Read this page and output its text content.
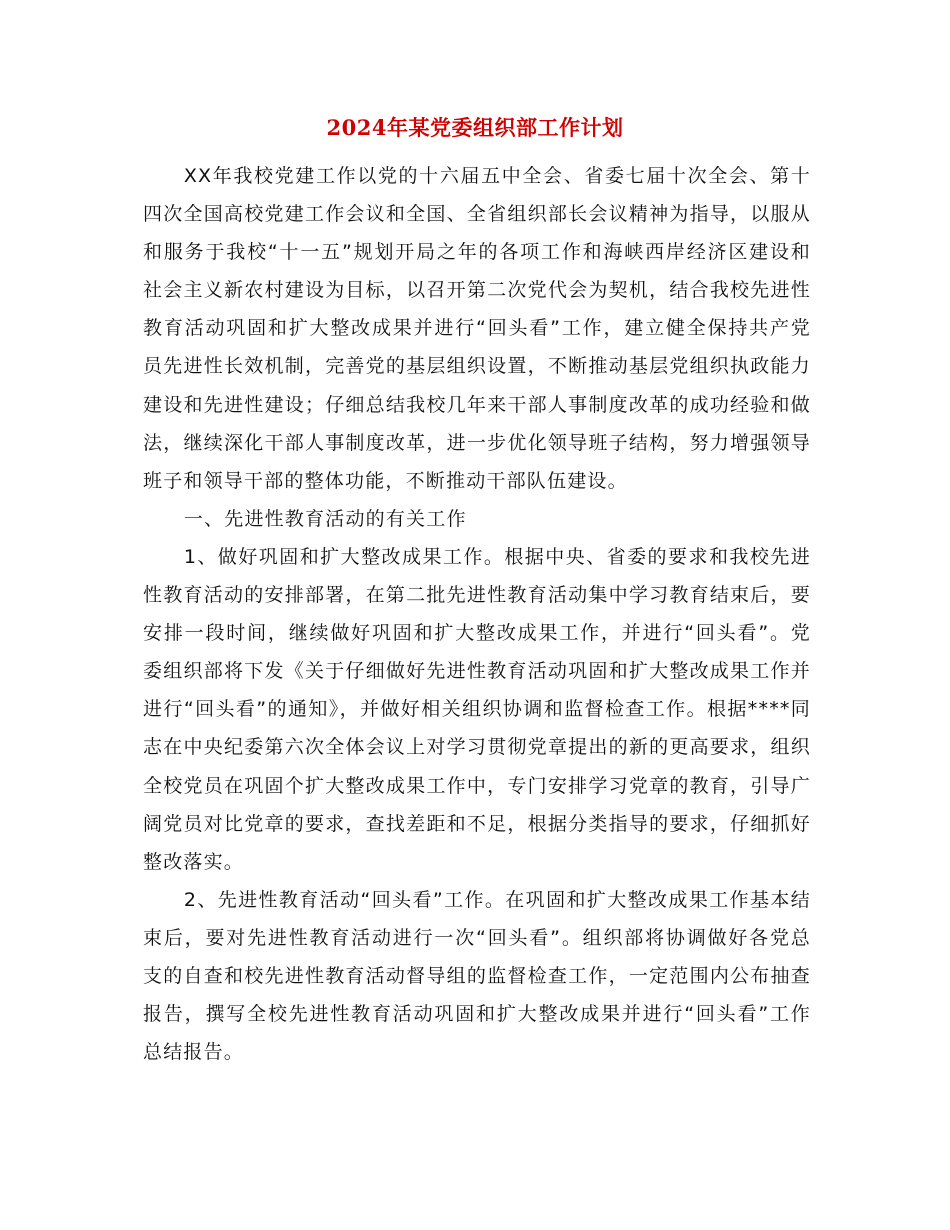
2024年某党委组织部工作计划

XX年我校党建工作以党的十六届五中全会、省委七届十次全会、第十四次全国高校党建工作会议和全国、全省组织部长会议精神为指导，以服从和服务于我校“十一五”规划开局之年的各项工作和海峡西岸经济区建设和社会主义新农村建设为目标，以召开第二次党代会为契机，结合我校先进性教育活动巩固和扩大整改成果并进行“回头看”工作，建立健全保持共产党员先进性长效机制，完善党的基层组织设置，不断推动基层党组织执政能力建设和先进性建设；仔细总结我校几年来干部人事制度改革的成功经验和做法，继续深化干部人事制度改革，进一步优化领导班子结构，努力增强领导班子和领导干部的整体功能，不断推动干部队伍建设。

一、先进性教育活动的有关工作

1、做好巩固和扩大整改成果工作。根据中央、省委的要求和我校先进性教育活动的安排部署，在第二批先进性教育活动集中学习教育结束后，要安排一段时间，继续做好巩固和扩大整改成果工作，并进行“回头看”。党委组织部将下发《关于仔细做好先进性教育活动巩固和扩大整改成果工作并进行“回头看”的通知》，并做好相关组织协调和监督检查工作。根据****同志在中央纪委第六次全体会议上对学习贯彻党章提出的新的更高要求，组织全校党员在巩固个扩大整改成果工作中，专门安排学习党章的教育，引导广阔党员对比党章的要求，查找差距和不足，根据分类指导的要求，仔细抓好整改落实。

2、先进性教育活动“回头看”工作。在巩固和扩大整改成果工作基本结束后，要对先进性教育活动进行一次“回头看”。组织部将协调做好各党总支的自查和校先进性教育活动督导组的监督检查工作，一定范围内公布抽查报告，撰写全校先进性教育活动巩固和扩大整改成果并进行“回头看”工作总结报告。
